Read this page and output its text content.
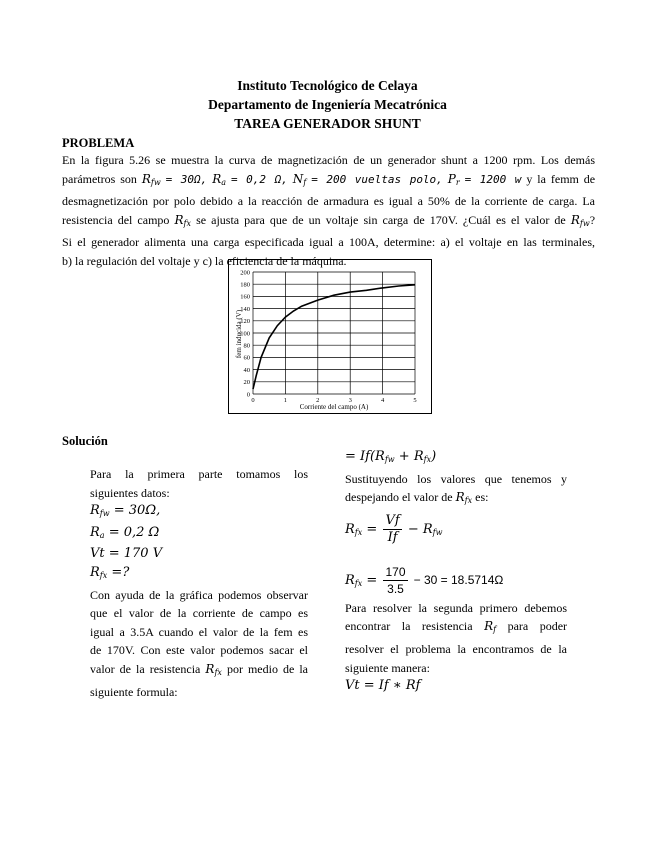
Instituto Tecnológico de Celaya
Departamento de Ingeniería Mecatrónica
TAREA GENERADOR SHUNT
PROBLEMA

En la figura 5.26 se muestra la curva de magnetización de un generador shunt a 1200 rpm. Los demás

parámetros son $R_{fw} = 30\Omega$, $R_a = 0,2$ Ω, $N_f = 200$ vueltas polo, $P_r = 1200$ w y la femm de

desmagnetización por polo debido a la reacción de armadura es igual a 50% de la corriente de carga. La

resistencia del campo $R_{fx}$ se ajusta para que de un voltaje sin carga de 170V. ¿Cuál es el valor de $R_{fw}$?

Si el generador alimenta una carga especificada igual a 100A, determine: a) el voltaje en las terminales,

b) la regulación del voltaje y c) la eficiencia de la máquina.

0
20
40
60
80
100
120
140
160
180
200
0	1	2	3	4	5
Corriente del campo (A)
fem inducida (V)
Solución

Para la primera parte tomamos los

siguientes datos:

$R_{fw} = 30\Omega$,

$R_a = 0,2$ Ω

Vt = 170 V

$R_{fx}$ =?

Con ayuda de la gráfica podemos observar

que el valor de la corriente de campo es

igual a 3.5A cuando el valor de la fem es

de 170V. Con este valor podemos sacar el

valor de la resistencia $R_{fx}$ por medio de la

siguiente formula:

= $If(R_{fw} + R_{fx})$

Sustituyendo los valores que tenemos y

despejando el valor de $R_{fx}$ es:

$R_{fx} = \frac{Vf}{If} - R_{fw}$
$R_{fx} = \frac{170}{3.5} - 30 = 18.5714\Omega$

Para resolver la segunda primero debemos

encontrar la resistencia $R_f$ para poder

resolver el problema la encontramos de la

siguiente manera:

Vt = If ∗ Rf
